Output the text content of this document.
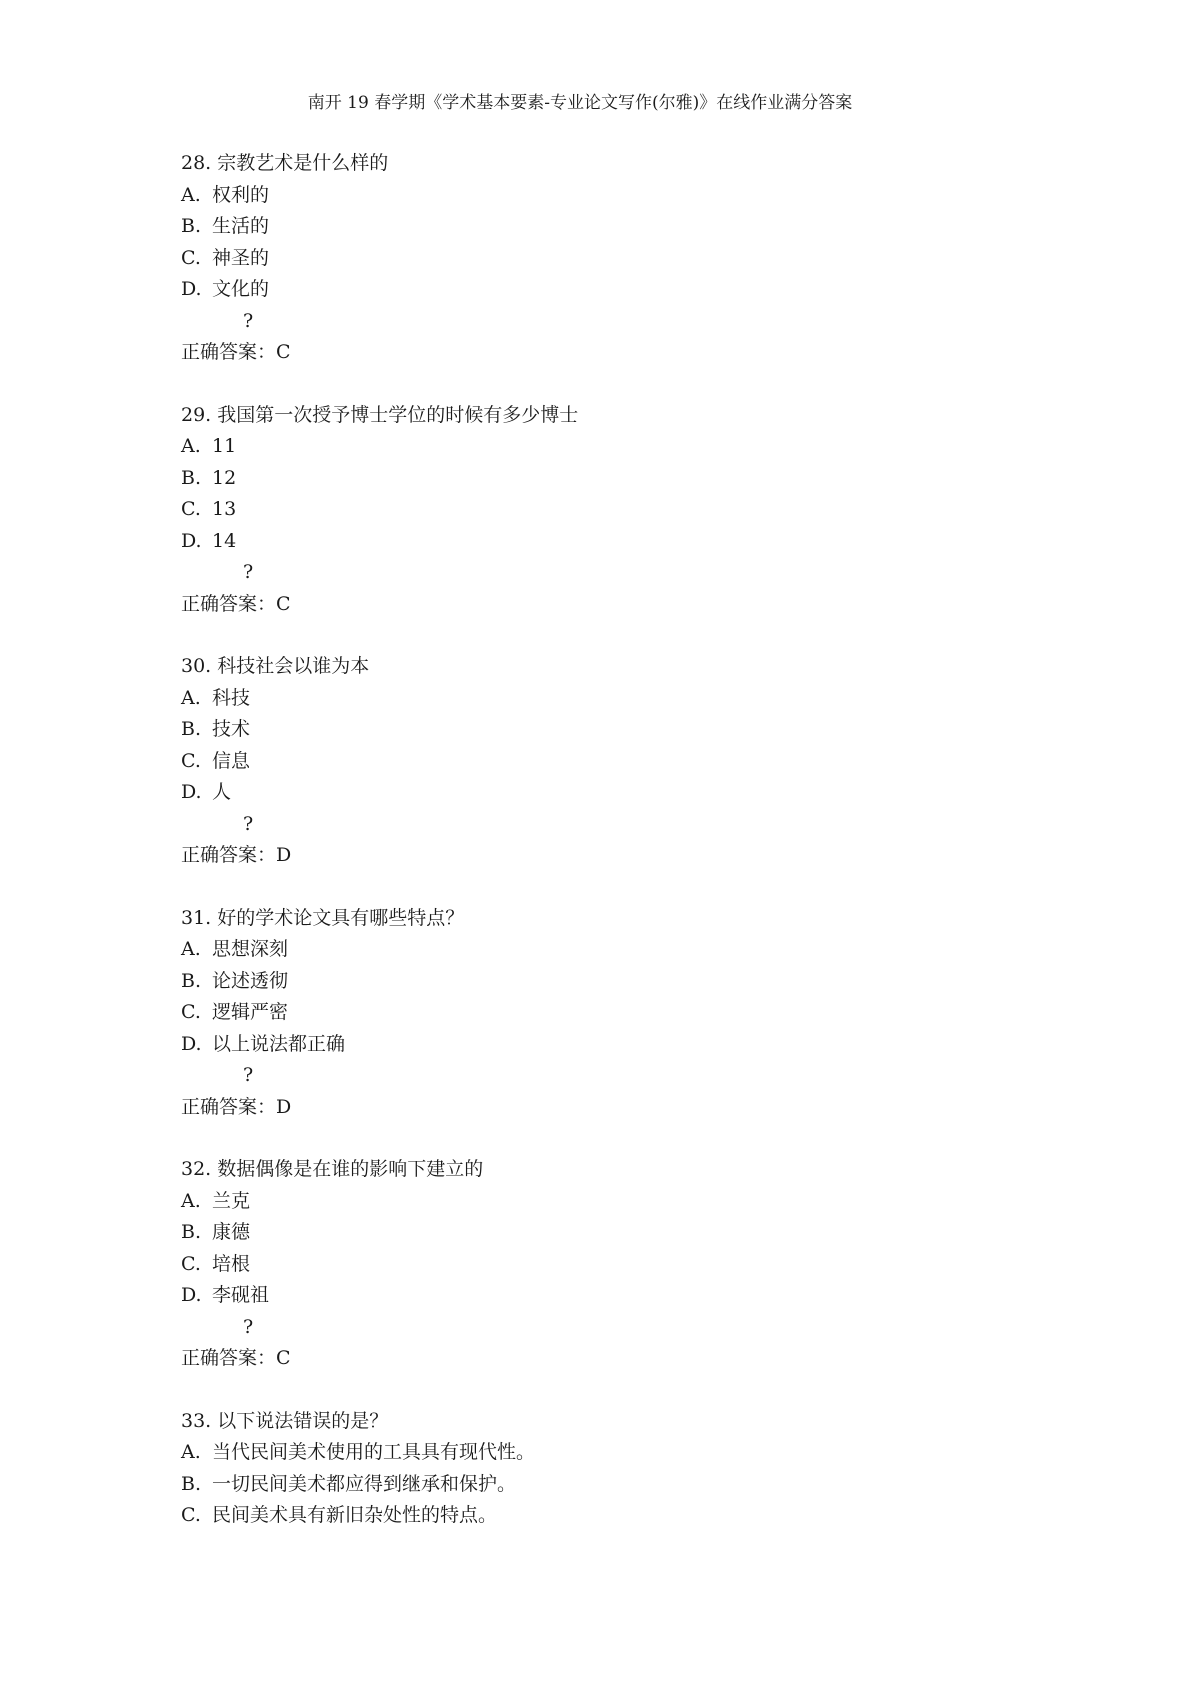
南开 19 春学期《学术基本要素-专业论文写作(尔雅)》在线作业满分答案
28. 宗教艺术是什么样的
A. 权利的
B. 生活的
C. 神圣的
D. 文化的
?
正确答案：C
29. 我国第一次授予博士学位的时候有多少博士
A. 11
B. 12
C. 13
D. 14
?
正确答案：C
30. 科技社会以谁为本
A. 科技
B. 技术
C. 信息
D. 人
?
正确答案：D
31. 好的学术论文具有哪些特点？
A. 思想深刻
B. 论述透彻
C. 逻辑严密
D. 以上说法都正确
?
正确答案：D
32. 数据偶像是在谁的影响下建立的
A. 兰克
B. 康德
C. 培根
D. 李砚祖
?
正确答案：C
33. 以下说法错误的是？
A. 当代民间美术使用的工具具有现代性。
B. 一切民间美术都应得到继承和保护。
C. 民间美术具有新旧杂处性的特点。
